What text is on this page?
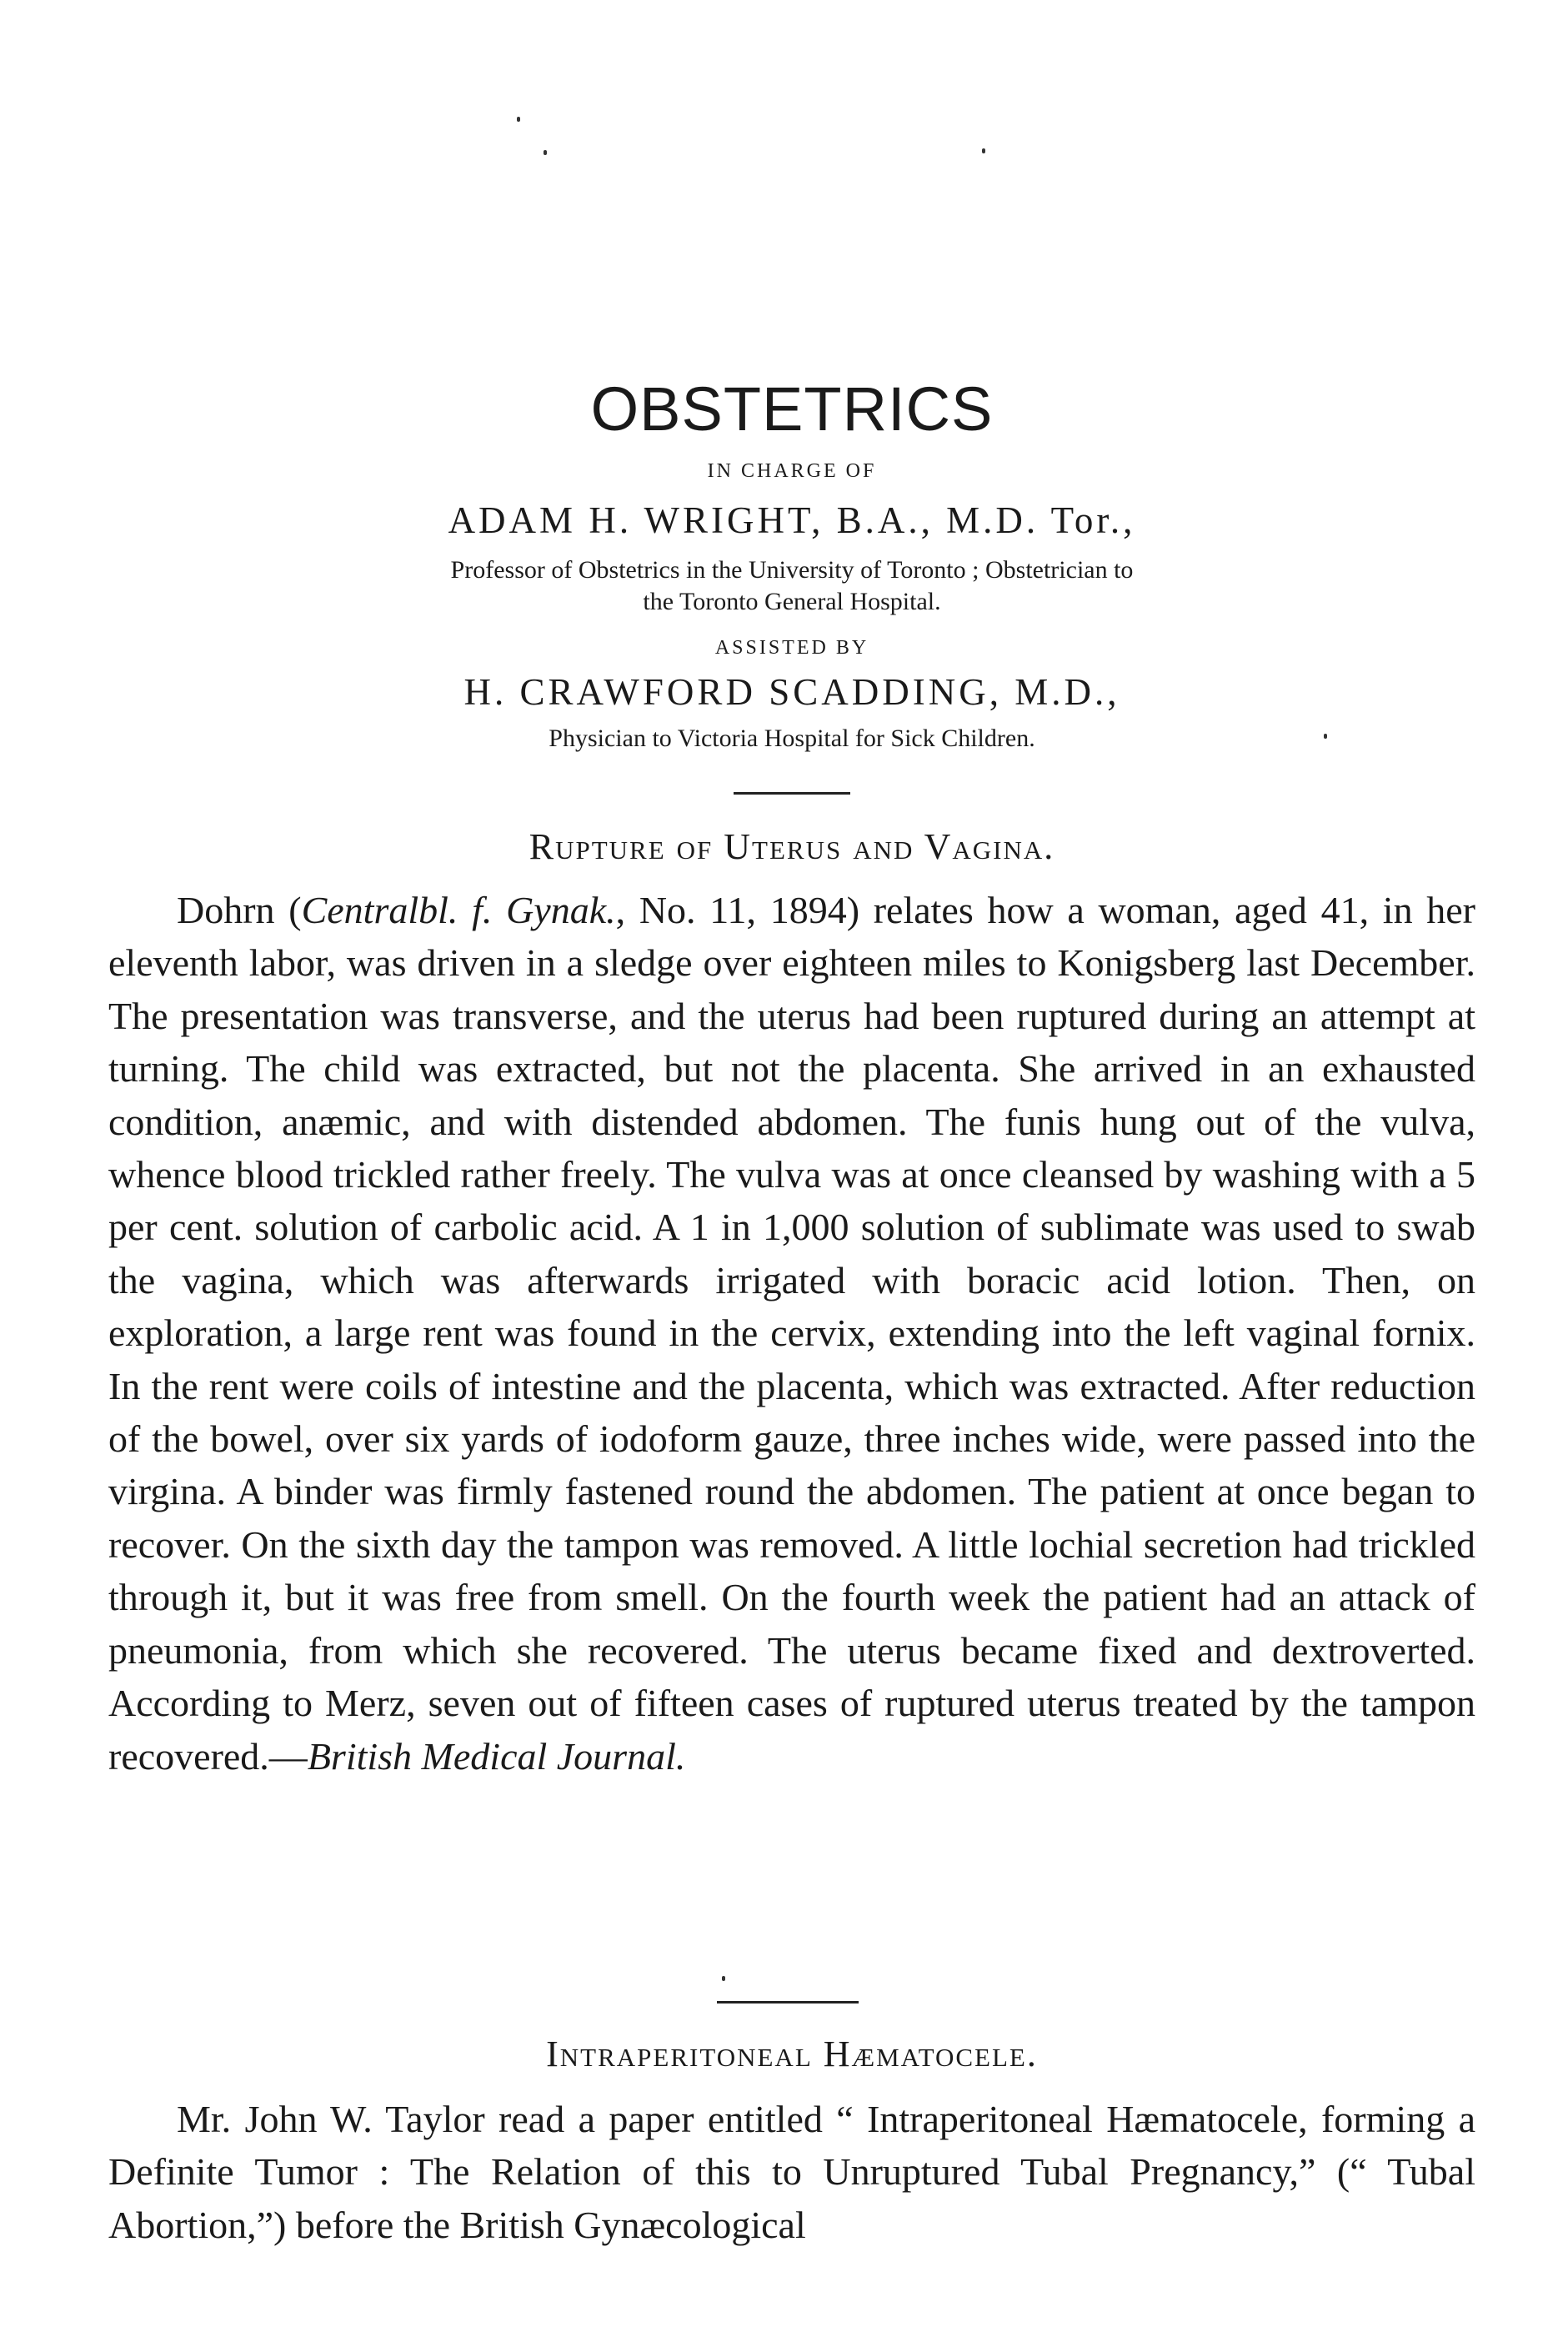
OBSTETRICS
IN CHARGE OF
ADAM H. WRIGHT, B.A., M.D. Tor.,
Professor of Obstetrics in the University of Toronto ; Obstetrician to
the Toronto General Hospital.
ASSISTED BY
H. CRAWFORD SCADDING, M.D.,
Physician to Victoria Hospital for Sick Children.
Rupture of Uterus and Vagina.

Dohrn (Centralbl. f. Gynak., No. 11, 1894) relates how a woman, aged 41, in her eleventh labor, was driven in a sledge over eighteen miles to Konigsberg last December. The presentation was transverse, and the uterus had been ruptured during an attempt at turning. The child was extracted, but not the placenta. She arrived in an exhausted condition, anæmic, and with distended abdomen. The funis hung out of the vulva, whence blood trickled rather freely. The vulva was at once cleansed by washing with a 5 per cent. solution of carbolic acid. A 1 in 1,000 solution of sublimate was used to swab the vagina, which was afterwards irrigated with boracic acid lotion. Then, on exploration, a large rent was found in the cervix, extending into the left vaginal fornix. In the rent were coils of intestine and the placenta, which was extracted. After reduction of the bowel, over six yards of iodoform gauze, three inches wide, were passed into the virgina. A binder was firmly fastened round the abdomen. The patient at once began to recover. On the sixth day the tampon was removed. A little lochial secretion had trickled through it, but it was free from smell. On the fourth week the patient had an attack of pneumonia, from which she recovered. The uterus became fixed and dextroverted. According to Merz, seven out of fifteen cases of ruptured uterus treated by the tampon recovered.—British Medical Journal.

Intraperitoneal Hæmatocele.

Mr. John W. Taylor read a paper entitled “ Intraperitoneal Hæmatocele, forming a Definite Tumor : The Relation of this to Unruptured Tubal Pregnancy,” (“ Tubal Abortion,”) before the British Gynæcological
